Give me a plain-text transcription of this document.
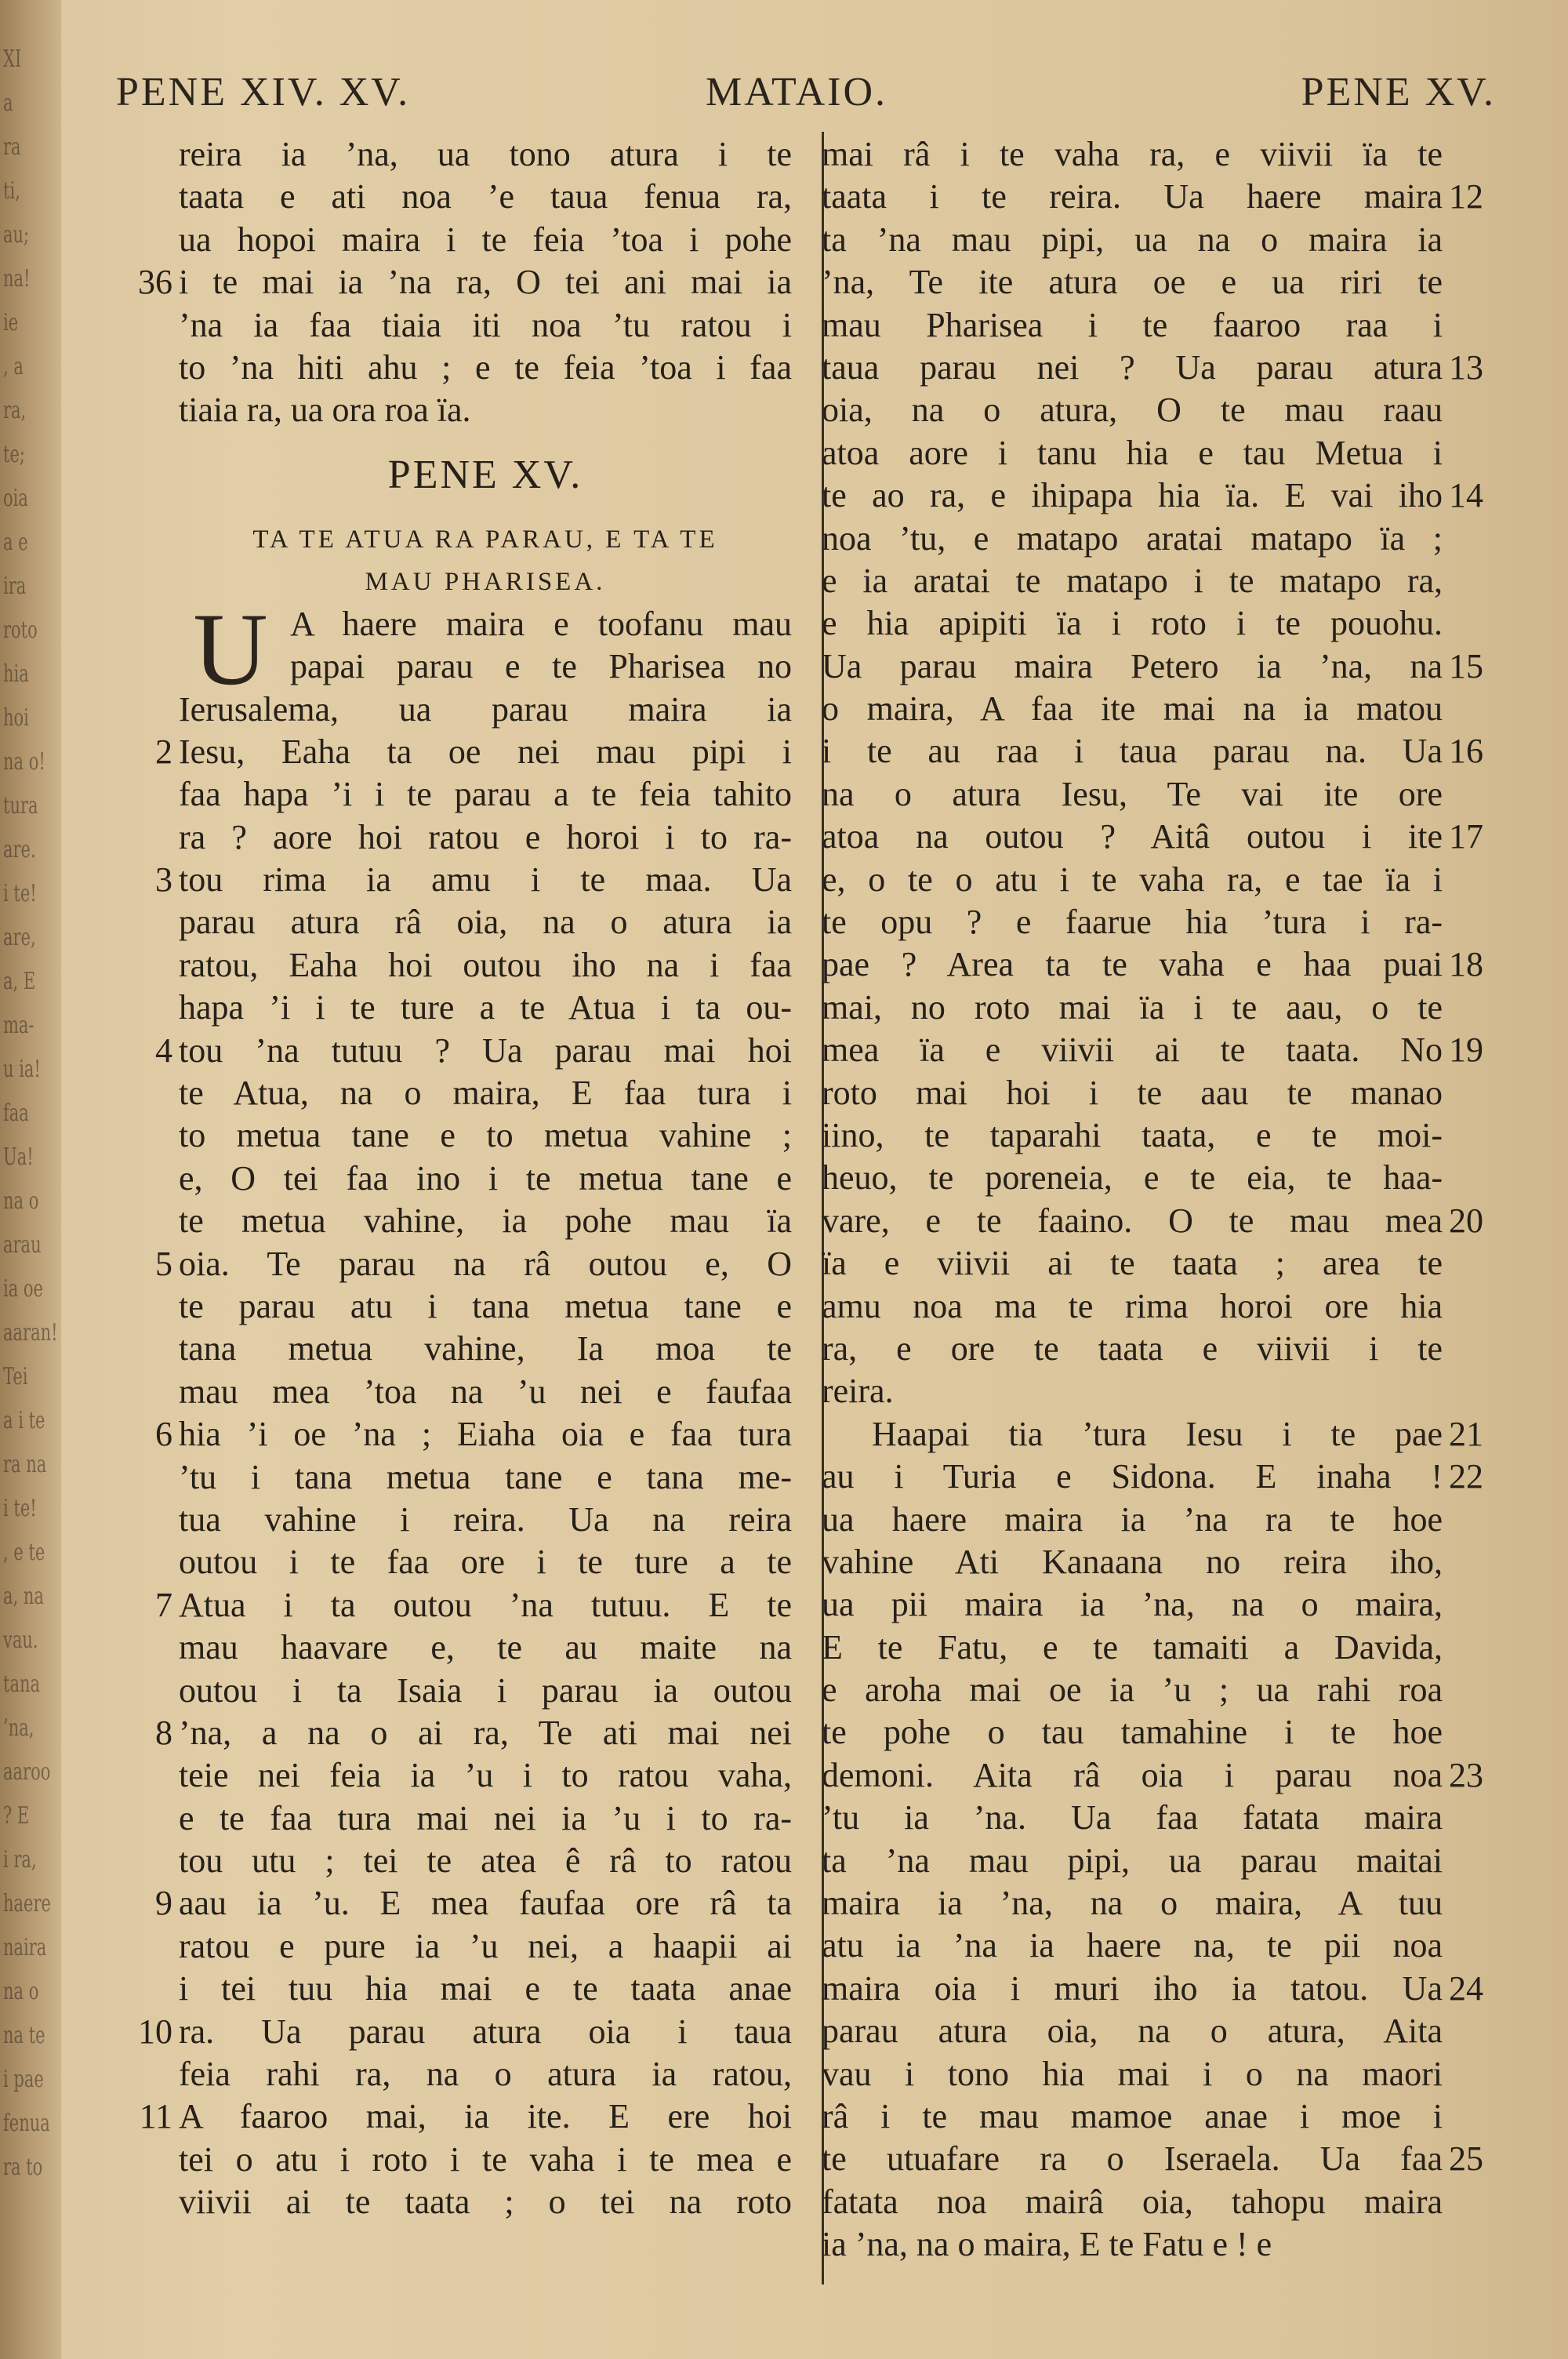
XI
a
ra
ti,
au;
na!
ie
, a
ra,
te;
oia
a e
ira
roto
hia
hoi
na o!
tura
are.
i te!
are,
a, E
ma-
u ia!
faa
Ua!
na o
arau
ia oe
aaran!
Tei
a i te
ra na
i te!
, e te
a, na
vau.
tana
’na,
aaroo
? E
i ra,
haere
naira
na o
na te
i pae
fenua
ra to
PENE XIV. XV.	MATAIO.	PENE XV.
reira ia ’na, ua tono atura i te
taata e ati noa ’e taua fenua ra,
ua hopoi maira i te feia ’toa i pohe
36 i te mai ia ’na ra, O tei ani mai ia
’na ia faa tiaia iti noa ’tu ratou i
to ’na hiti ahu ; e te feia ’toa i faa
tiaia ra, ua ora roa ïa.
PENE XV.
TA TE ATUA RA PARAU, E TA TE
MAU PHARISEA.
U A haere maira e toofanu mau
papai parau e te Pharisea no
Ierusalema, ua parau maira ia
2 Iesu, Eaha ta oe nei mau pipi i
faa hapa ’i i te parau a te feia tahito
ra ? aore hoi ratou e horoi i to ra-
3 tou rima ia amu i te maa. Ua
parau atura râ oia, na o atura ia
ratou, Eaha hoi outou iho na i faa
hapa ’i i te ture a te Atua i ta ou-
4 tou ’na tutuu ? Ua parau mai hoi
te Atua, na o maira, E faa tura i
to metua tane e to metua vahine ;
e, O tei faa ino i te metua tane e
te metua vahine, ia pohe mau ïa
5 oia. Te parau na râ outou e, O
te parau atu i tana metua tane e
tana metua vahine, Ia moa te
mau mea ’toa na ’u nei e faufaa
6 hia ’i oe ’na ; Eiaha oia e faa tura
’tu i tana metua tane e tana me-
tua vahine i reira. Ua na reira
outou i te faa ore i te ture a te
7 Atua i ta outou ’na tutuu. E te
mau haavare e, te au maite na
outou i ta Isaia i parau ia outou
8 ’na, a na o ai ra, Te ati mai nei
teie nei feia ia ’u i to ratou vaha,
e te faa tura mai nei ia ’u i to ra-
tou utu ; tei te atea ê râ to ratou
9 aau ia ’u. E mea faufaa ore râ ta
ratou e pure ia ’u nei, a haapii ai
i tei tuu hia mai e te taata anae
10 ra. Ua parau atura oia i taua
feia rahi ra, na o atura ia ratou,
11 A faaroo mai, ia ite. E ere hoi
tei o atu i roto i te vaha i te mea e
viivii ai te taata ; o tei na roto
mai râ i te vaha ra, e viivii ïa te
12
taata i te reira. Ua haere maira
ta ’na mau pipi, ua na o maira ia
’na, Te ite atura oe e ua riri te
mau Pharisea i te faaroo raa i
13
taua parau nei ? Ua parau atura
oia, na o atura, O te mau raau
atoa aore i tanu hia e tau Metua i
14
te ao ra, e ihipapa hia ïa. E vai iho
noa ’tu, e matapo aratai matapo ïa ;
e ia aratai te matapo i te matapo ra,
e hia apipiti ïa i roto i te pouohu.
15
Ua parau maira Petero ia ’na, na
o maira, A faa ite mai na ia matou
16
i te au raa i taua parau na. Ua
na o atura Iesu, Te vai ite ore
17
atoa na outou ? Aitâ outou i ite
e, o te o atu i te vaha ra, e tae ïa i
te opu ? e faarue hia ’tura i ra-
18
pae ? Area ta te vaha e haa puai
mai, no roto mai ïa i te aau, o te
19
mea ïa e viivii ai te taata. No
roto mai hoi i te aau te manao
iino, te taparahi taata, e te moi-
heuo, te poreneia, e te eia, te haa-
20
vare, e te faaino. O te mau mea
ïa e viivii ai te taata ; area te
amu noa ma te rima horoi ore hia
ra, e ore te taata e viivii i te
reira.
21
Haapai tia ’tura Iesu i te pae
22
au i Turia e Sidona. E inaha !
ua haere maira ia ’na ra te hoe
vahine Ati Kanaana no reira iho,
ua pii maira ia ’na, na o maira,
E te Fatu, e te tamaiti a Davida,
e aroha mai oe ia ’u ; ua rahi roa
te pohe o tau tamahine i te hoe
23
demoni. Aita râ oia i parau noa
’tu ia ’na. Ua faa fatata maira
ta ’na mau pipi, ua parau maitai
maira ia ’na, na o maira, A tuu
atu ia ’na ia haere na, te pii noa
24
maira oia i muri iho ia tatou. Ua
parau atura oia, na o atura, Aita
vau i tono hia mai i o na maori
râ i te mau mamoe anae i moe i
25
te utuafare ra o Iseraela. Ua faa
fatata noa mairâ oia, tahopu maira
ia ’na, na o maira, E te Fatu e ! e
